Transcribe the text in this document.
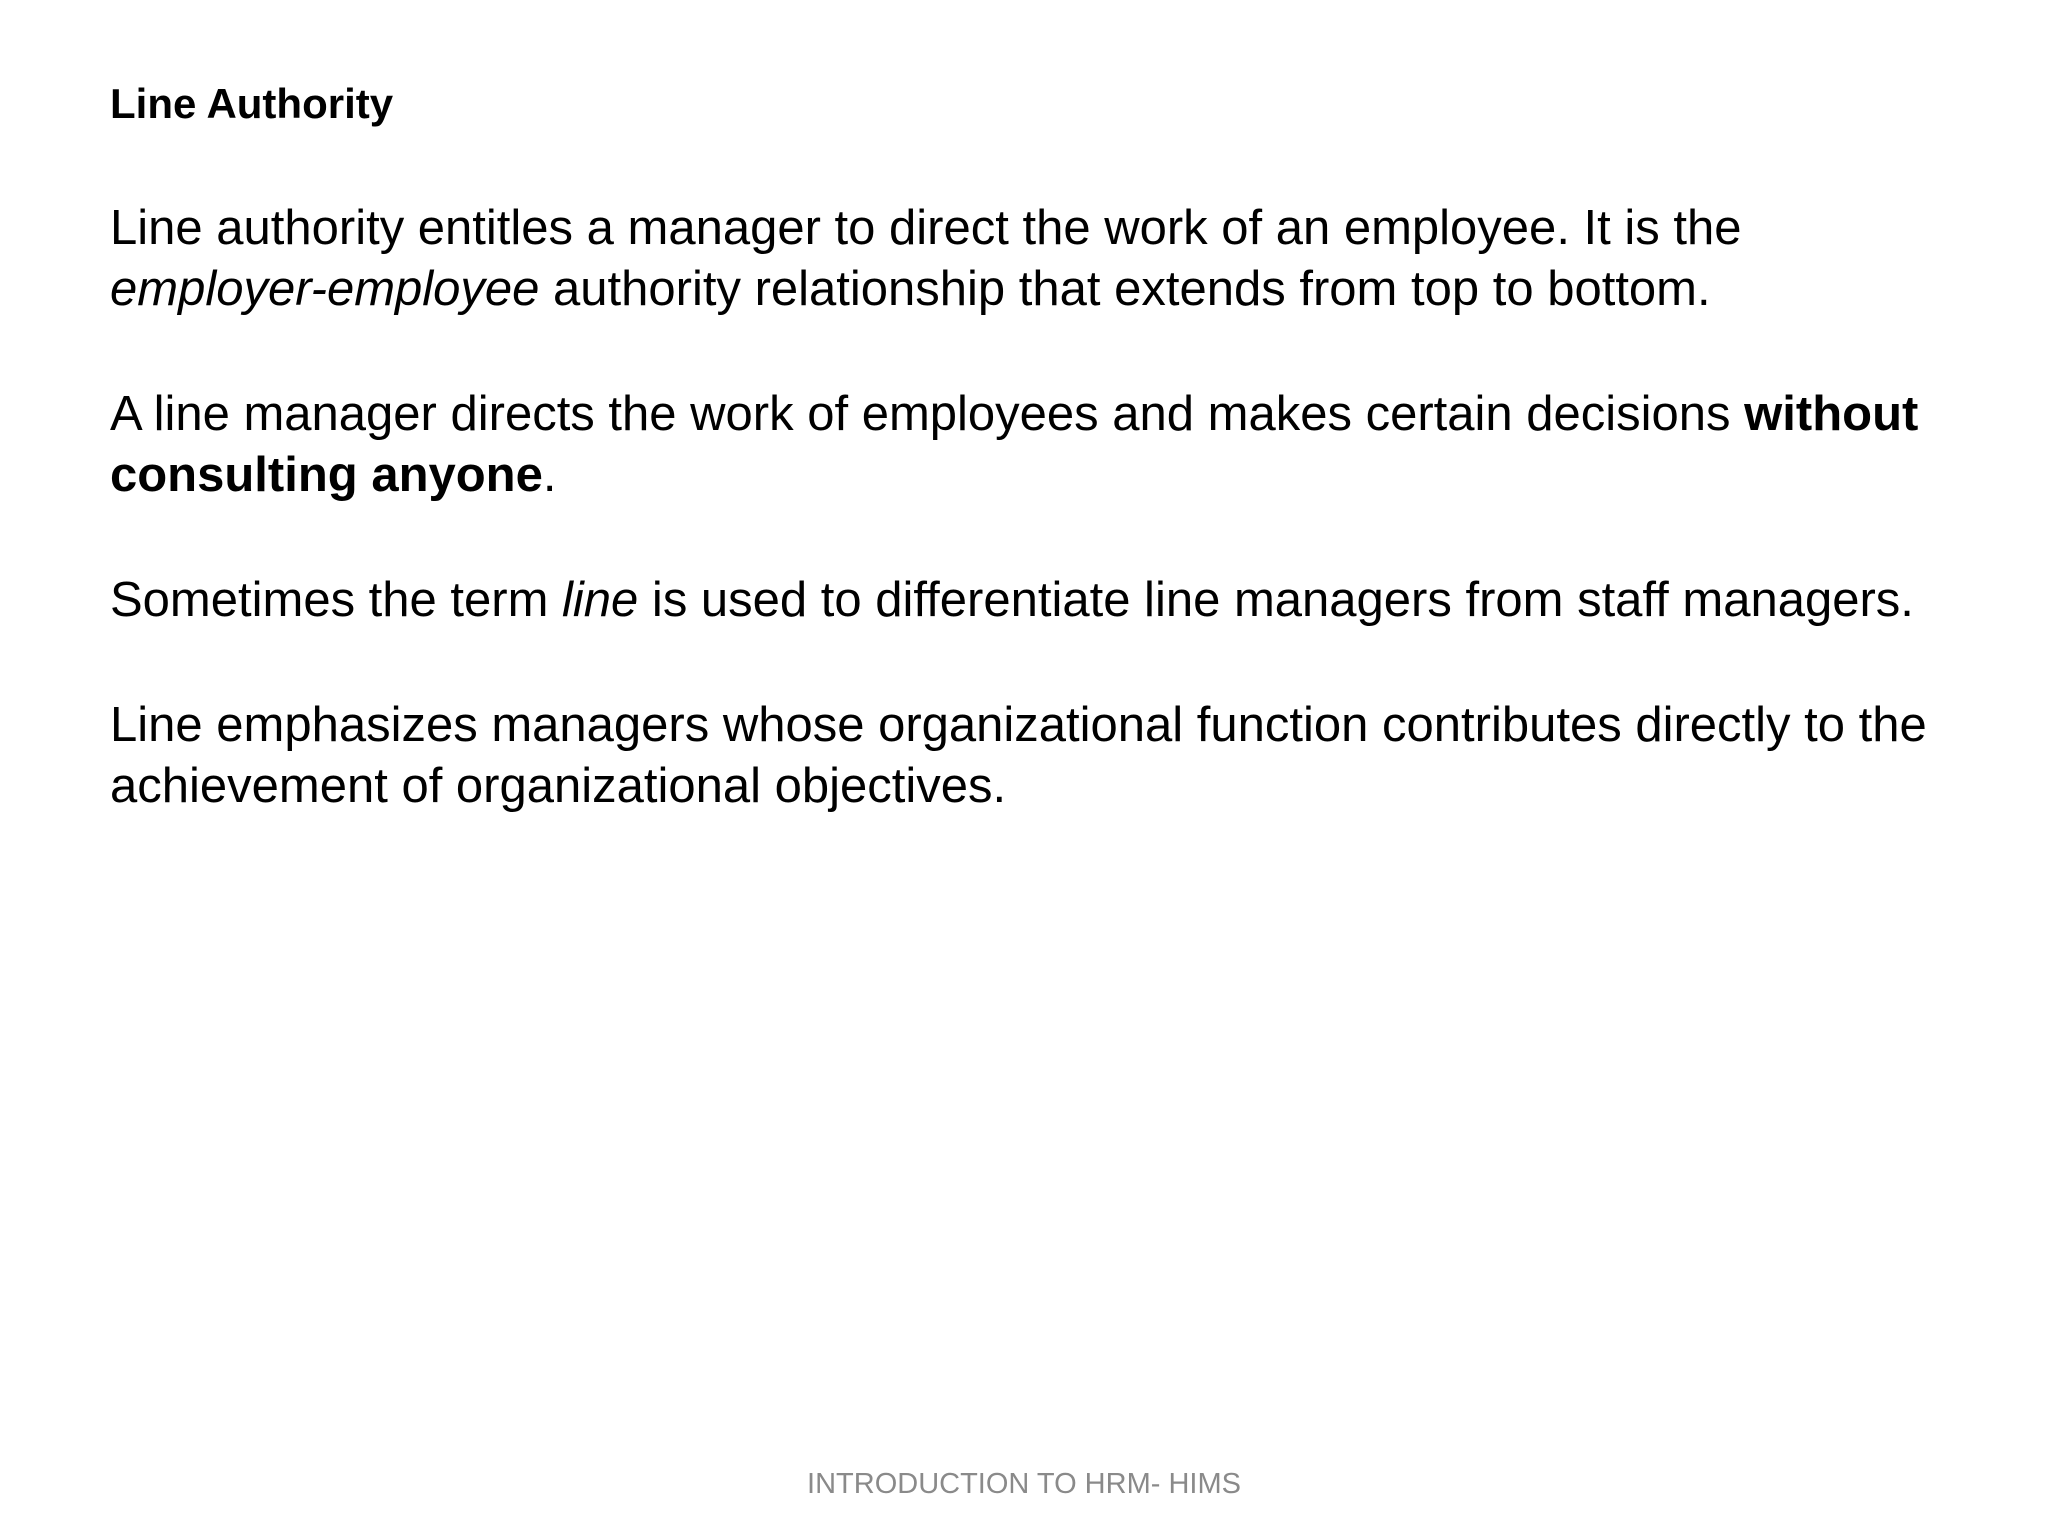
Line Authority

Line authority entitles a manager to direct the work of an employee. It is the employer-employee authority relationship that extends from top to bottom.

A line manager directs the work of employees and makes certain decisions without consulting anyone.

Sometimes the term line is used to differentiate line managers from staff managers.

Line emphasizes managers whose organizational function contributes directly to the achievement of organizational objectives.

INTRODUCTION TO HRM- HIMS
